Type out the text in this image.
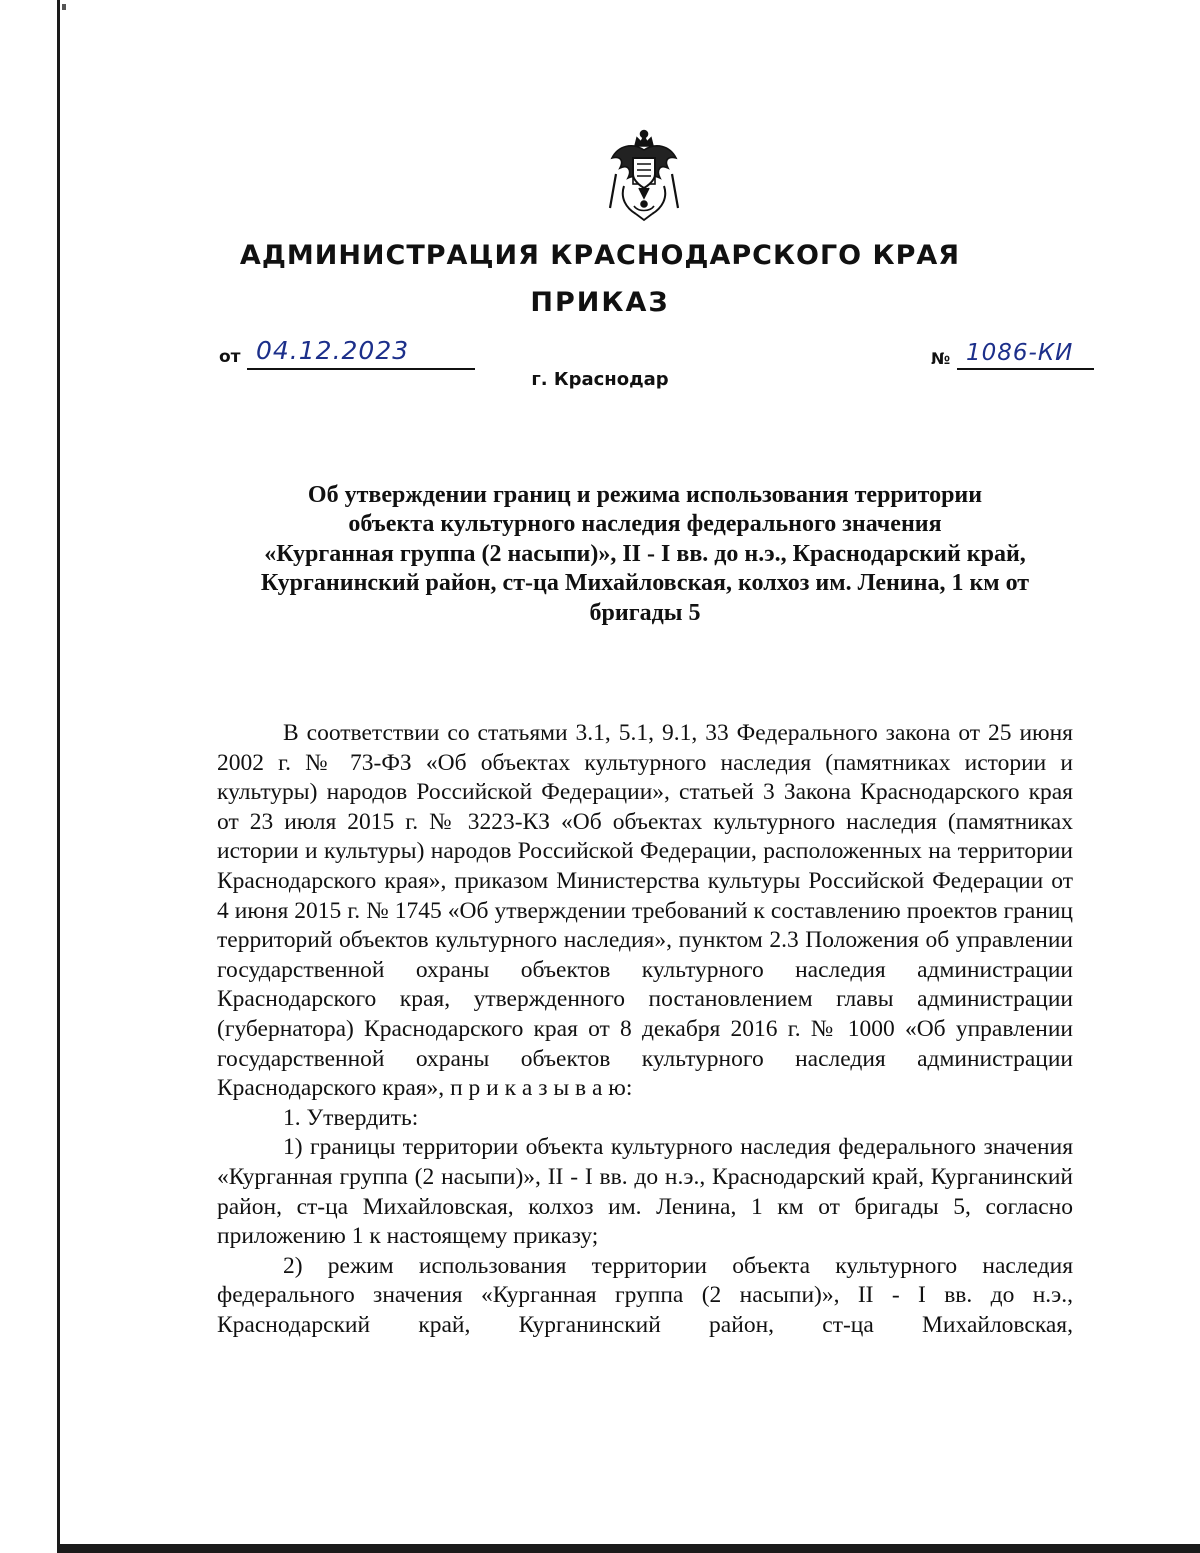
АДМИНИСТРАЦИЯ КРАСНОДАРСКОГО КРАЯ
ПРИКАЗ
от 04.12.2023
г. Краснодар
№ 1086-КИ
Об утверждении границ и режима использования территории
объекта культурного наследия федерального значения
«Курганная группа (2 насыпи)», II - I вв. до н.э., Краснодарский край,
Курганинский район, ст-ца Михайловская, колхоз им. Ленина, 1 км от
бригады 5

В соответствии со статьями 3.1, 5.1, 9.1, 33 Федерального закона от 25 июня 2002 г. № 73-ФЗ «Об объектах культурного наследия (памятниках истории и культуры) народов Российской Федерации», статьей 3 Закона Краснодарского края от 23 июля 2015 г. № 3223-КЗ «Об объектах культурного наследия (памятниках истории и культуры) народов Российской Федерации, расположенных на территории Краснодарского края», приказом Министерства культуры Российской Федерации от 4 июня 2015 г. № 1745 «Об утверждении требований к составлению проектов границ территорий объектов культурного наследия», пунктом 2.3 Положения об управлении государственной охраны объектов культурного наследия администрации Краснодарского края, утвержденного постановлением главы администрации (губернатора) Краснодарского края от 8 декабря 2016 г. № 1000 «Об управлении государственной охраны объектов культурного наследия администрации Краснодарского края», п р и к а з ы в а ю:

1. Утвердить:

1) границы территории объекта культурного наследия федерального значения «Курганная группа (2 насыпи)», II - I вв. до н.э., Краснодарский край, Курганинский район, ст-ца Михайловская, колхоз им. Ленина, 1 км от бригады 5, согласно приложению 1 к настоящему приказу;

2) режим использования территории объекта культурного наследия федерального значения «Курганная группа (2 насыпи)», II - I вв. до н.э., Краснодарский край, Курганинский район, ст-ца Михайловская,
